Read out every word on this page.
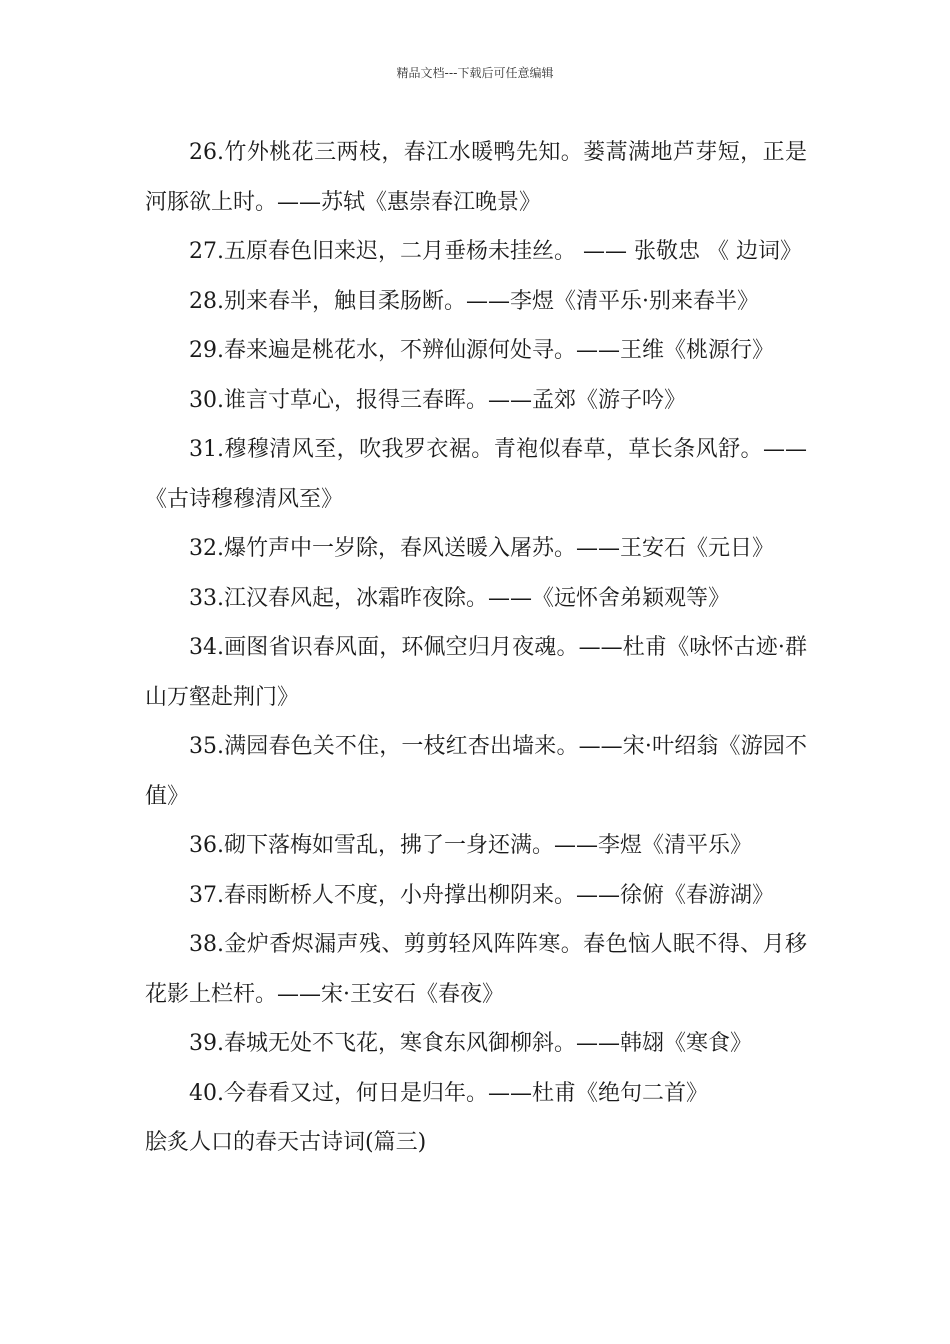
精品文档---下载后可任意编辑

26.竹外桃花三两枝，春江水暖鸭先知。蒌蒿满地芦芽短，正是河豚欲上时。——苏轼《惠崇春江晚景》

27.五原春色旧来迟，二月垂杨未挂丝。 —— 张敬忠 《 边词》

28.别来春半，触目柔肠断。——李煜《清平乐·别来春半》

29.春来遍是桃花水，不辨仙源何处寻。——王维《桃源行》

30.谁言寸草心，报得三春晖。——孟郊《游子吟》

31.穆穆清风至，吹我罗衣裾。青袍似春草，草长条风舒。——《古诗穆穆清风至》

32.爆竹声中一岁除，春风送暖入屠苏。——王安石《元日》

33.江汉春风起，冰霜昨夜除。——《远怀舍弟颖观等》

34.画图省识春风面，环佩空归月夜魂。——杜甫《咏怀古迹·群山万壑赴荆门》

35.满园春色关不住，一枝红杏出墙来。——宋·叶绍翁《游园不值》

36.砌下落梅如雪乱，拂了一身还满。——李煜《清平乐》

37.春雨断桥人不度，小舟撑出柳阴来。——徐俯《春游湖》

38.金炉香烬漏声残、剪剪轻风阵阵寒。春色恼人眠不得、月移花影上栏杆。——宋·王安石《春夜》

39.春城无处不飞花，寒食东风御柳斜。——韩翃《寒食》

40.今春看又过，何日是归年。——杜甫《绝句二首》

脍炙人口的春天古诗词(篇三)
